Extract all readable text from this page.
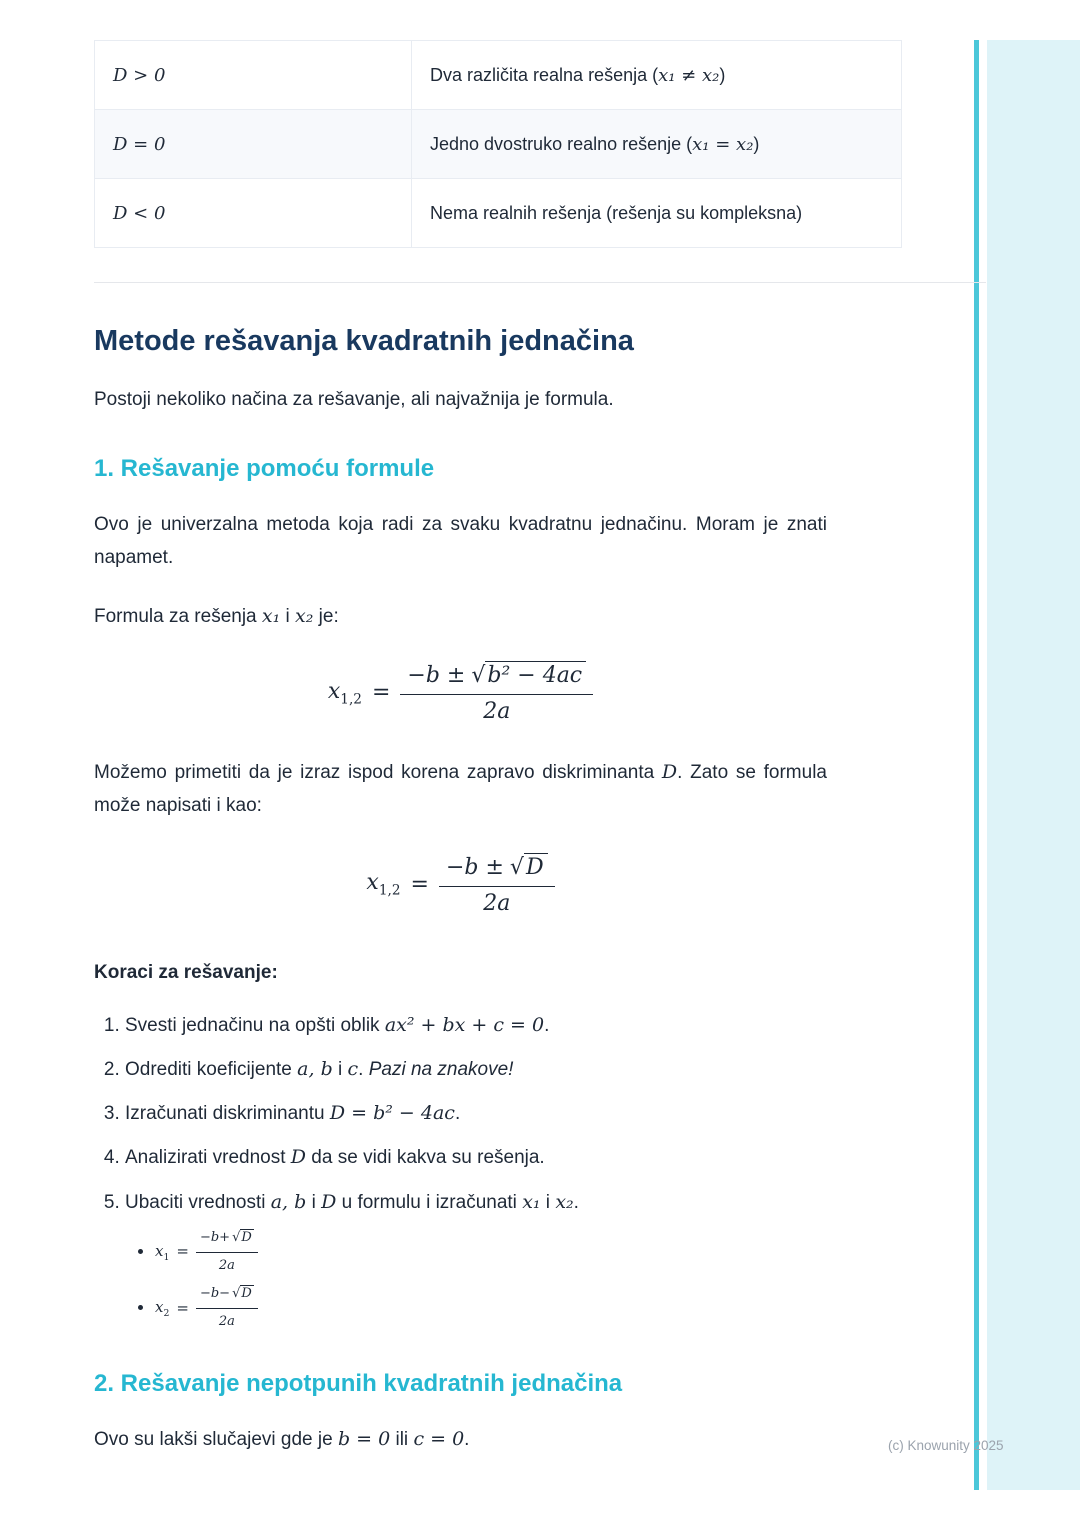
D > 0	Dva različita realna rešenja (x₁ ≠ x₂)
D = 0	Jedno dvostruko realno rešenje (x₁ = x₂)
D < 0	Nema realnih rešenja (rešenja su kompleksna)
Metode rešavanja kvadratnih jednačina

Postoji nekoliko načina za rešavanje, ali najvažnija je formula.

1. Rešavanje pomoću formule

Ovo je univerzalna metoda koja radi za svaku kvadratnu jednačinu. Moram je znati napamet.

Formula za rešenja x₁ i x₂ je:

$x_{1,2} = \frac{\text{−b ± √b² − 4ac}}{2a}$

Možemo primetiti da je izraz ispod korena zapravo diskriminanta D. Zato se formula može napisati i kao:

$x_{1,2} = \frac{-b \pm √D}{2a}$

Koraci za rešavanje:

1. Svesti jednačinu na opšti oblik ax² + bx + c = 0.
2. Odrediti koeficijente a, b i c. Pazi na znakove!
3. Izračunati diskriminantu D = b² − 4ac.
4. Analizirati vrednost D da se vidi kakva su rešenja.
5. Ubaciti vrednosti a, b i D u formulu i izračunati x₁ i x₂.
• $x_1 = \frac{-b+ √D}{2a}$
• $x_2 = \frac{-b- √D}{2a}$
2. Rešavanje nepotpunih kvadratnih jednačina

Ovo su lakši slučajevi gde je b = 0 ili c = 0.	(c) Knowunity 2025
